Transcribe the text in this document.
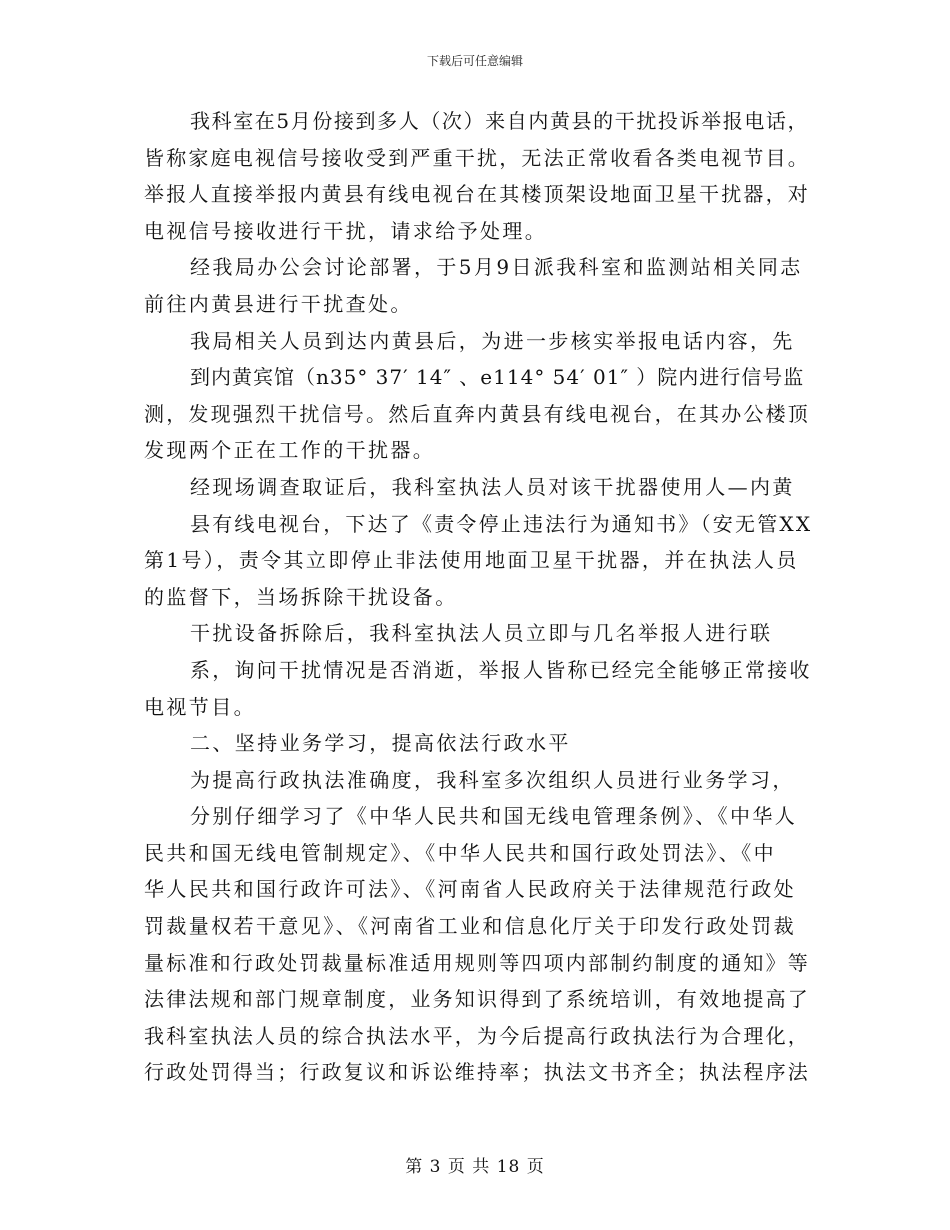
下载后可任意编辑
我科室在5月份接到多人（次）来自内黄县的干扰投诉举报电话，
皆称家庭电视信号接收受到严重干扰，无法正常收看各类电视节目。
举报人直接举报内黄县有线电视台在其楼顶架设地面卫星干扰器，对
电视信号接收进行干扰，请求给予处理。
经我局办公会讨论部署，于5月9日派我科室和监测站相关同志
前往内黄县进行干扰查处。
我局相关人员到达内黄县后，为进一步核实举报电话内容，先
到内黄宾馆（n35° 37′ 14″ 、e114° 54′ 01″ ）院内进行信号监
测，发现强烈干扰信号。然后直奔内黄县有线电视台，在其办公楼顶
发现两个正在工作的干扰器。
经现场调查取证后，我科室执法人员对该干扰器使用人—内黄
县有线电视台，下达了《责令停止违法行为通知书》（安无管XX
第1号），责令其立即停止非法使用地面卫星干扰器，并在执法人员
的监督下，当场拆除干扰设备。
干扰设备拆除后，我科室执法人员立即与几名举报人进行联
系，询问干扰情况是否消逝，举报人皆称已经完全能够正常接收
电视节目。
二、坚持业务学习，提高依法行政水平
为提高行政执法准确度，我科室多次组织人员进行业务学习，
分别仔细学习了《中华人民共和国无线电管理条例》、《中华人
民共和国无线电管制规定》、《中华人民共和国行政处罚法》、《中
华人民共和国行政许可法》、《河南省人民政府关于法律规范行政处
罚裁量权若干意见》、《河南省工业和信息化厅关于印发行政处罚裁
量标准和行政处罚裁量标准适用规则等四项内部制约制度的通知》等
法律法规和部门规章制度，业务知识得到了系统培训，有效地提高了
我科室执法人员的综合执法水平，为今后提高行政执法行为合理化，
行政处罚得当；行政复议和诉讼维持率；执法文书齐全；执法程序法
第 3 页 共 18 页
